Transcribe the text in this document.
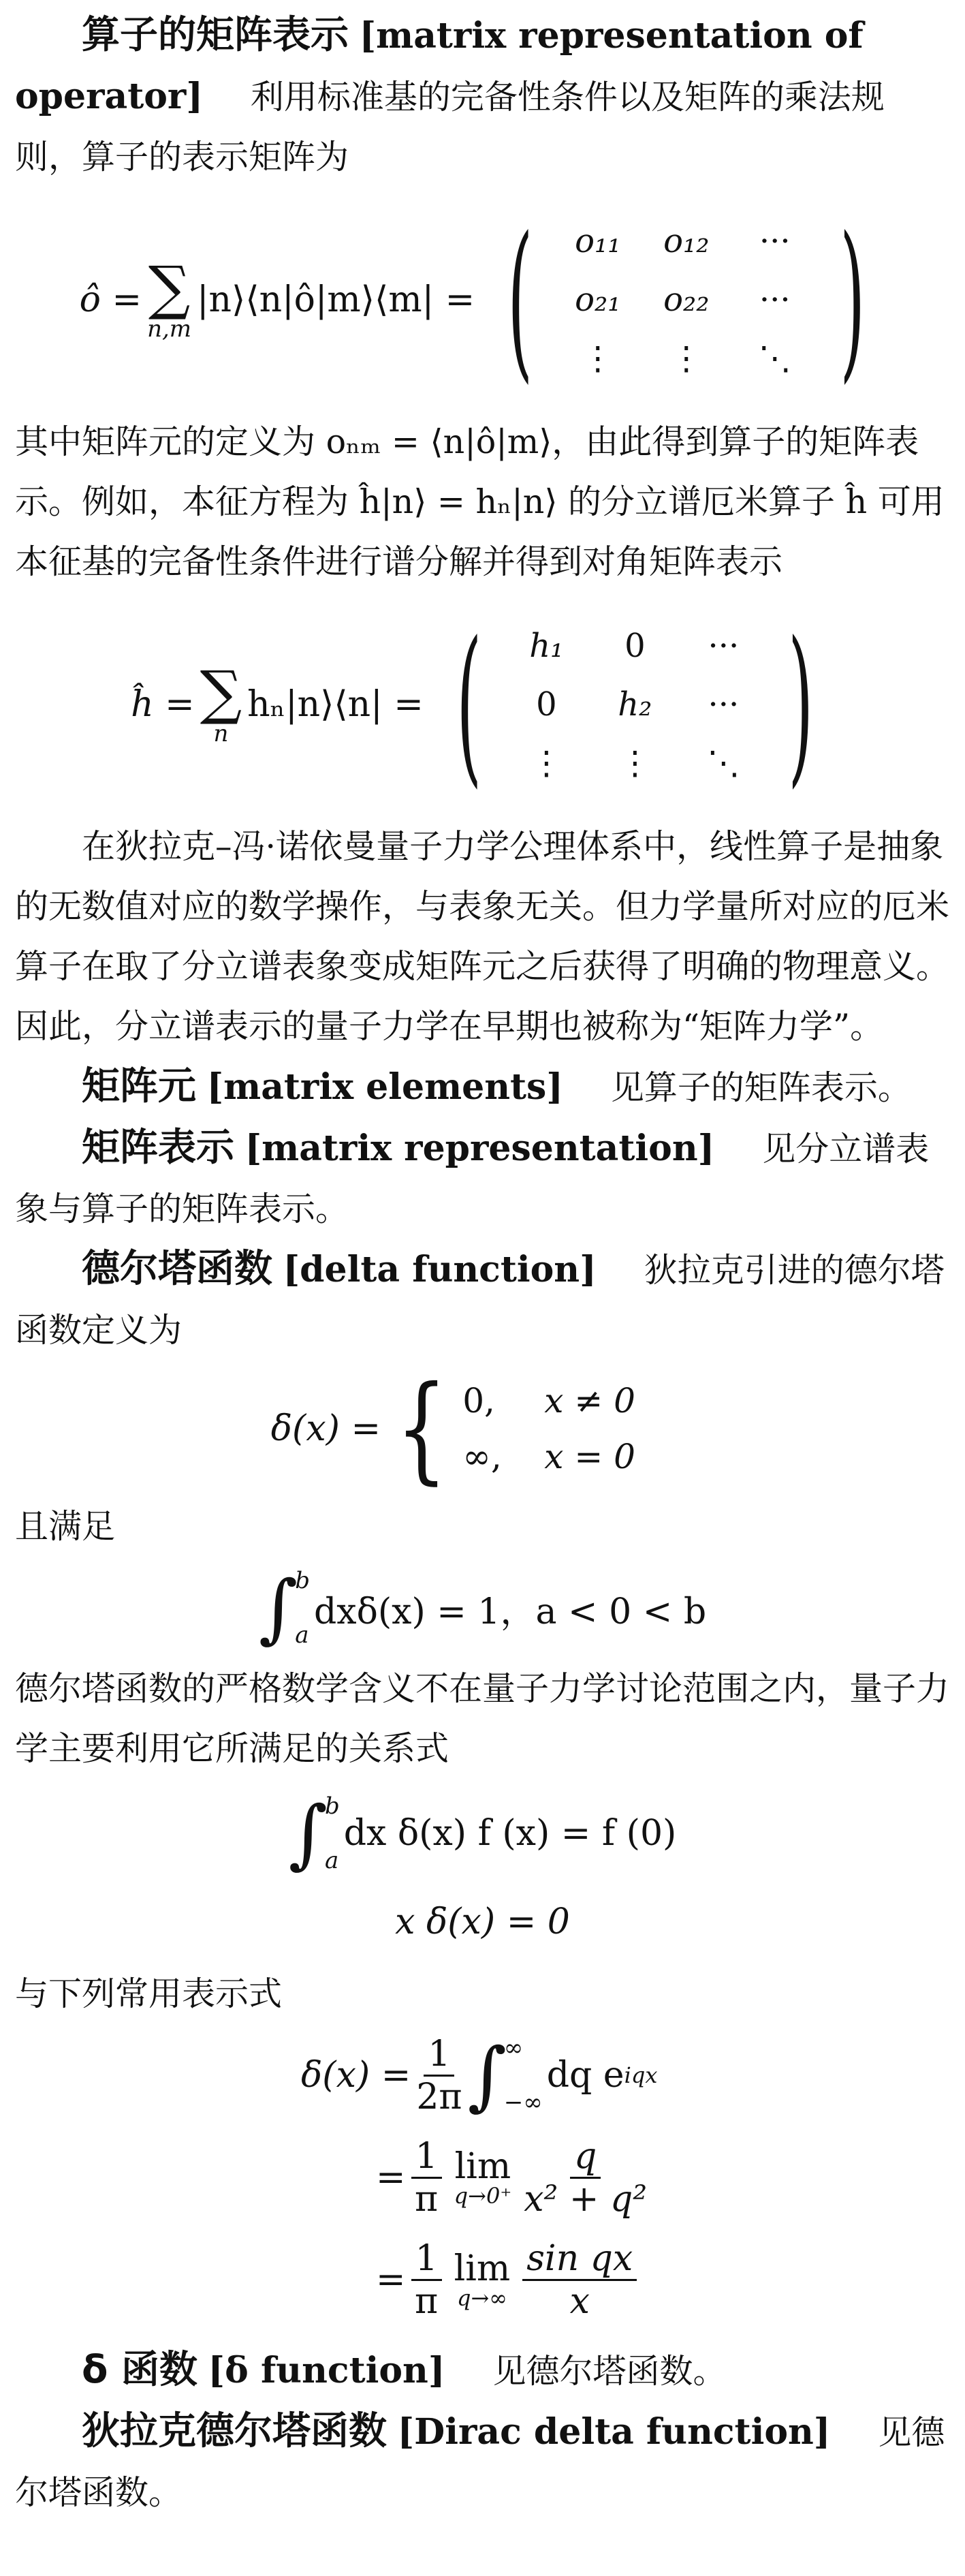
算子的矩阵表示 [matrix representation of operator] 利用标准基的完备性条件以及矩阵的乘法规则，算子的表示矩阵为

ô = ∑
n,m
|n⟩⟨n|ô|m⟩⟨m| = ( o₁₁ o₁₂ ···
o₂₁ o₂₂ ···
⋮ ⋮ ⋱ )

其中矩阵元的定义为 oₙₘ = ⟨n|ô|m⟩，由此得到算子的矩阵表示。例如，本征方程为 ĥ|n⟩ = hₙ|n⟩ 的分立谱厄米算子 ĥ 可用本征基的完备性条件进行谱分解并得到对角矩阵表示

ĥ = ∑
n
hₙ|n⟩⟨n| = ( h₁ 0 ···
0 h₂ ···
⋮ ⋮ ⋱ )

在狄拉克–冯·诺依曼量子力学公理体系中，线性算子是抽象的无数值对应的数学操作，与表象无关。但力学量所对应的厄米算子在取了分立谱表象变成矩阵元之后获得了明确的物理意义。因此，分立谱表示的量子力学在早期也被称为“矩阵力学”。

矩阵元 [matrix elements] 见算子的矩阵表示。

矩阵表示 [matrix representation] 见分立谱表象与算子的矩阵表示。

德尔塔函数 [delta function] 狄拉克引进的德尔塔函数定义为

δ(x) = { 0,	x ≠ 0
∞,	x = 0

且满足

∫
b
a
dxδ(x) = 1，a < 0 < b

德尔塔函数的严格数学含义不在量子力学讨论范围之内，量子力学主要利用它所满足的关系式

∫
b
a
dx δ(x) f (x) = f (0)
x δ(x) = 0

与下列常用表示式

$\delta(x) = \frac{1}{2\pi}$ ∫
∞
−∞
dq e iqx
= $\frac{1}{\pi}$ lim
$q\to 0^+ \frac{q}{\text{x² + q²}}$
= $\frac{1}{\pi}$ lim
$q\to\infty \frac{\text{sin qx}}{x}$

δ 函数 [δ function] 见德尔塔函数。

狄拉克德尔塔函数 [Dirac delta function] 见德尔塔函数。
